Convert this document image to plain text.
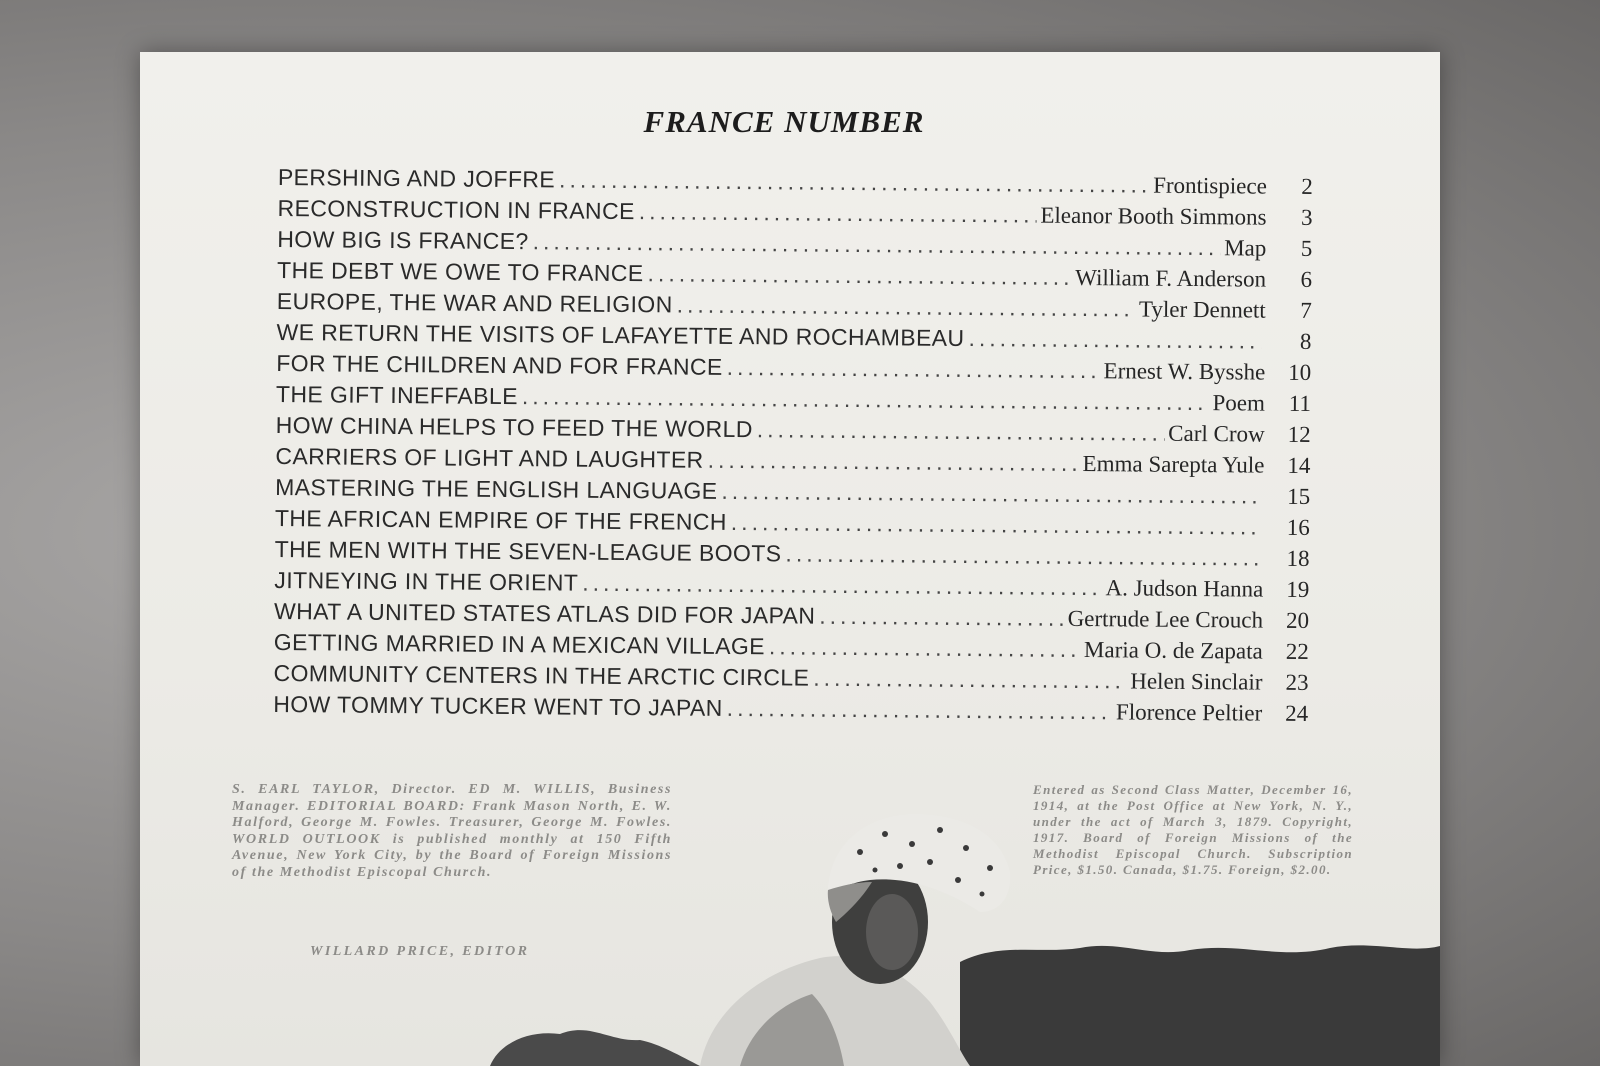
FRANCE NUMBER
PERSHING AND JOFFRE .....	Frontispiece	2
RECONSTRUCTION IN FRANCE .....	Eleanor Booth Simmons	3
HOW BIG IS FRANCE? .....	Map	5
THE DEBT WE OWE TO FRANCE .....	William F. Anderson	6
EUROPE, THE WAR AND RELIGION .....	Tyler Dennett	7
WE RETURN THE VISITS OF LAFAYETTE AND ROCHAMBEAU .....	8
FOR THE CHILDREN AND FOR FRANCE .....	Ernest W. Bysshe 10
THE GIFT INEFFABLE .....	Poem	11
HOW CHINA HELPS TO FEED THE WORLD .....	Carl Crow 12
CARRIERS OF LIGHT AND LAUGHTER .....	Emma Sarepta Yule 14
MASTERING THE ENGLISH LANGUAGE .....	15
THE AFRICAN EMPIRE OF THE FRENCH .....	16
THE MEN WITH THE SEVEN-LEAGUE BOOTS .....	18
JITNEYING IN THE ORIENT .....	A. Judson Hanna 19
WHAT A UNITED STATES ATLAS DID FOR JAPAN .....	Gertrude Lee Crouch 20
GETTING MARRIED IN A MEXICAN VILLAGE .....	Maria O. de Zapata 22
COMMUNITY CENTERS IN THE ARCTIC CIRCLE .....	Helen Sinclair 23
HOW TOMMY TUCKER WENT TO JAPAN .....	Florence Peltier 24
S. EARL TAYLOR, Director. ED M. WILLIS, Business Manager. EDITORIAL BOARD: Frank Mason North, E. W. Halford, George M. Fowles. Treasurer, George M. Fowles. WORLD OUTLOOK is published monthly at 150 Fifth Avenue, New York City, by the Board of Foreign Missions of the Methodist Episcopal Church.
WILLARD PRICE, EDITOR
Entered as Second Class Matter, December 16, 1914, at the Post Office at New York, N. Y., under the act of March 3, 1879. Copyright, 1917. Board of Foreign Missions of the Methodist Episcopal Church. Subscription Price, $1.50. Canada, $1.75. Foreign, $2.00.
